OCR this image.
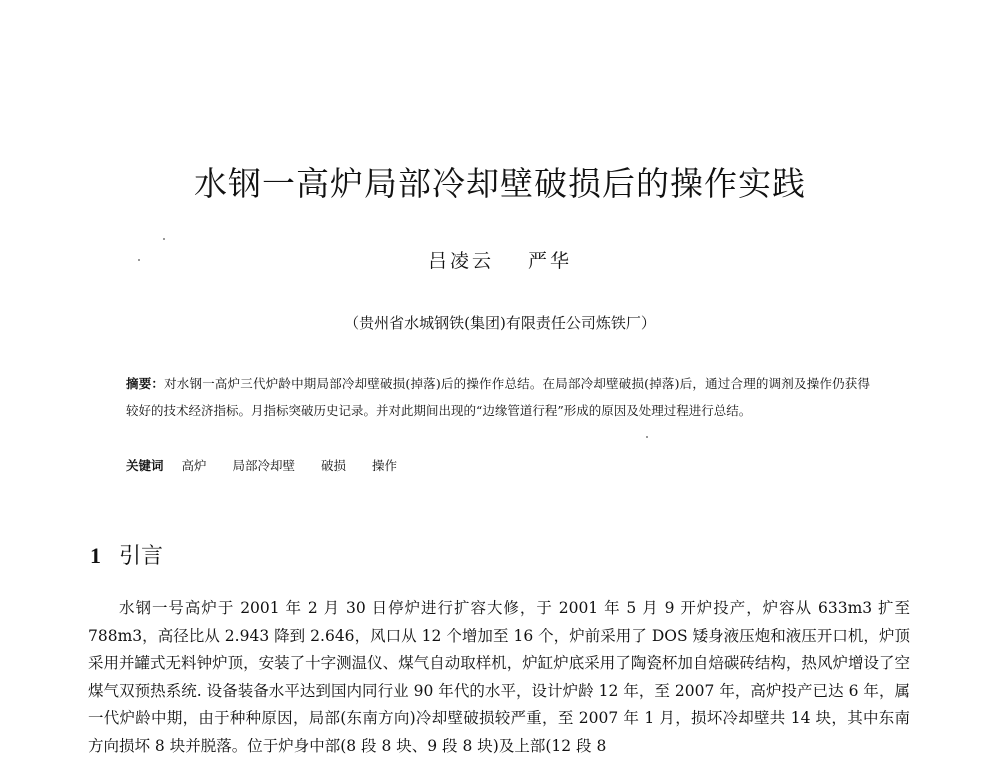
水钢一高炉局部冷却壁破损后的操作实践
吕凌云 严华
（贵州省水城钢铁(集团)有限责任公司炼铁厂）
摘要：对水钢一高炉三代炉龄中期局部冷却壁破损(掉落)后的操作作总结。在局部冷却壁破损(掉落)后，通过合理的调剂及操作仍获得较好的技术经济指标。月指标突破历史记录。并对此期间出现的“边缘管道行程”形成的原因及处理过程进行总结。
关键词 高炉 局部冷却壁 破损 操作
1 引言

水钢一号高炉于 2001 年 2 月 30 日停炉进行扩容大修，于 2001 年 5 月 9 开炉投产，炉容从 633m3 扩至 788m3，高径比从 2.943 降到 2.646，风口从 12 个增加至 16 个，炉前采用了 DOS 矮身液压炮和液压开口机，炉顶采用并罐式无料钟炉顶，安装了十字测温仪、煤气自动取样机，炉缸炉底采用了陶瓷杯加自焙碳砖结构，热风炉增设了空煤气双预热系统. 设备装备水平达到国内同行业 90 年代的水平，设计炉龄 12 年，至 2007 年，高炉投产已达 6 年，属一代炉龄中期，由于种种原因，局部(东南方向)冷却壁破损较严重，至 2007 年 1 月，损坏冷却壁共 14 块，其中东南方向损坏 8 块并脱落。位于炉身中部(8 段 8 块、9 段 8 块)及上部(12 段 8
